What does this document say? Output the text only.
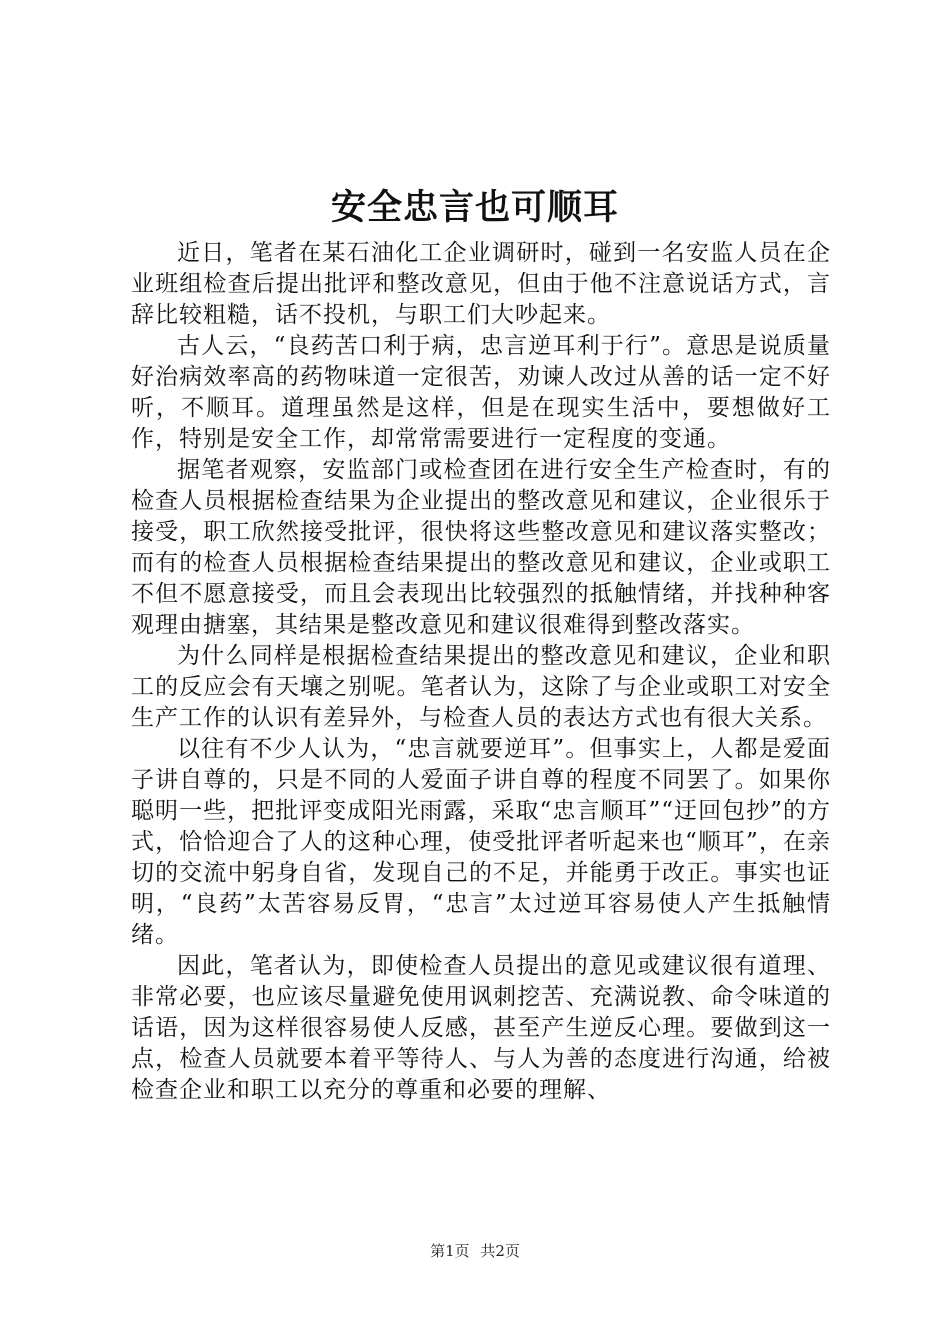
安全忠言也可顺耳

近日，笔者在某石油化工企业调研时，碰到一名安监人员在企业班组检查后提出批评和整改意见，但由于他不注意说话方式，言辞比较粗糙，话不投机，与职工们大吵起来。

古人云，“良药苦口利于病，忠言逆耳利于行”。意思是说质量好治病效率高的药物味道一定很苦，劝谏人改过从善的话一定不好听，不顺耳。道理虽然是这样，但是在现实生活中，要想做好工作，特别是安全工作，却常常需要进行一定程度的变通。

据笔者观察，安监部门或检查团在进行安全生产检查时，有的检查人员根据检查结果为企业提出的整改意见和建议，企业很乐于接受，职工欣然接受批评，很快将这些整改意见和建议落实整改；而有的检查人员根据检查结果提出的整改意见和建议，企业或职工不但不愿意接受，而且会表现出比较强烈的抵触情绪，并找种种客观理由搪塞，其结果是整改意见和建议很难得到整改落实。

为什么同样是根据检查结果提出的整改意见和建议，企业和职工的反应会有天壤之别呢。笔者认为，这除了与企业或职工对安全生产工作的认识有差异外，与检查人员的表达方式也有很大关系。

以往有不少人认为，“忠言就要逆耳”。但事实上，人都是爱面子讲自尊的，只是不同的人爱面子讲自尊的程度不同罢了。如果你聪明一些，把批评变成阳光雨露，采取“忠言顺耳”“迂回包抄”的方式，恰恰迎合了人的这种心理，使受批评者听起来也“顺耳”，在亲切的交流中躬身自省，发现自己的不足，并能勇于改正。事实也证明，“良药”太苦容易反胃，“忠言”太过逆耳容易使人产生抵触情绪。

因此，笔者认为，即使检查人员提出的意见或建议很有道理、非常必要，也应该尽量避免使用讽刺挖苦、充满说教、命令味道的话语，因为这样很容易使人反感，甚至产生逆反心理。要做到这一点，检查人员就要本着平等待人、与人为善的态度进行沟通，给被检查企业和职工以充分的尊重和必要的理解、

第1页 共2页
